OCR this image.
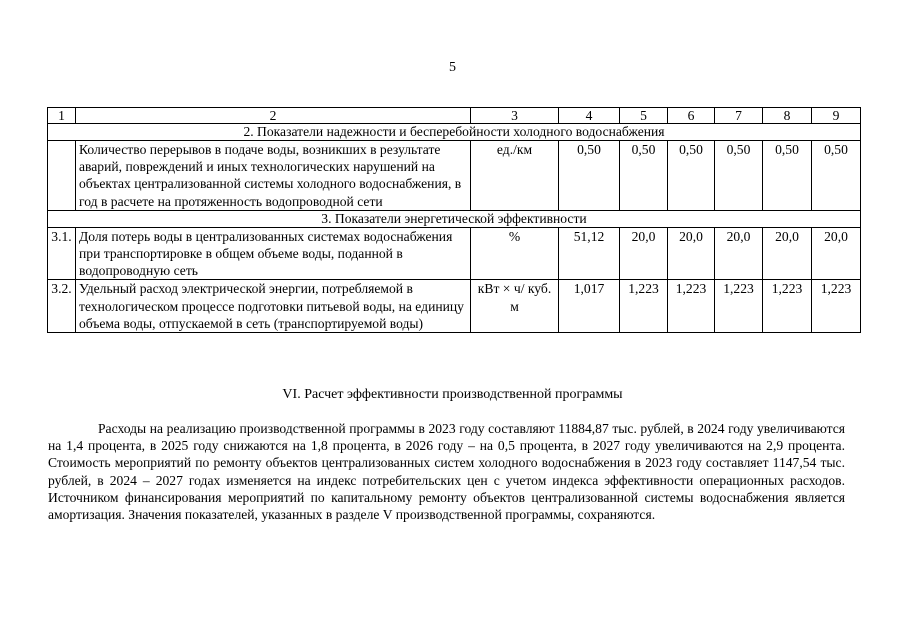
5
1	2	3	4	5	6	7	8	9
2. Показатели надежности и бесперебойности холодного водоснабжения								
	Количество перерывов в подаче воды, возникших в результате аварий, повреждений и иных технологических нарушений на объектах централизованной системы холодного водоснабжения, в год в расчете на протяженность водопроводной сети	ед./км	0,50	0,50	0,50	0,50	0,50	0,50
3. Показатели энергетической эффективности								
3.1.	Доля потерь воды в централизованных системах водоснабжения при транспортировке в общем объеме воды, поданной в водопроводную сеть	%	51,12	20,0	20,0	20,0	20,0	20,0
3.2.	Удельный расход электрической энергии, потребляемой в технологическом процессе подготовки питьевой воды, на единицу объема воды, отпускаемой в сеть (транспортируемой воды)	кВт × ч/ куб. м	1,017	1,223	1,223	1,223	1,223	1,223
VI. Расчет эффективности производственной программы

Расходы на реализацию производственной программы в 2023 году составляют 11884,87 тыс. рублей, в 2024 году увеличиваются на 1,4 процента, в 2025 году снижаются на 1,8 процента, в 2026 году – на 0,5 процента, в 2027 году увеличиваются на 2,9 процента. Стоимость мероприятий по ремонту объектов централизованных систем холодного водоснабжения в 2023 году составляет 1147,54 тыс. рублей, в 2024 – 2027 годах изменяется на индекс потребительских цен с учетом индекса эффективности операционных расходов. Источником финансирования мероприятий по капитальному ремонту объектов централизованной системы водоснабжения является амортизация. Значения показателей, указанных в разделе V производственной программы, сохраняются.
